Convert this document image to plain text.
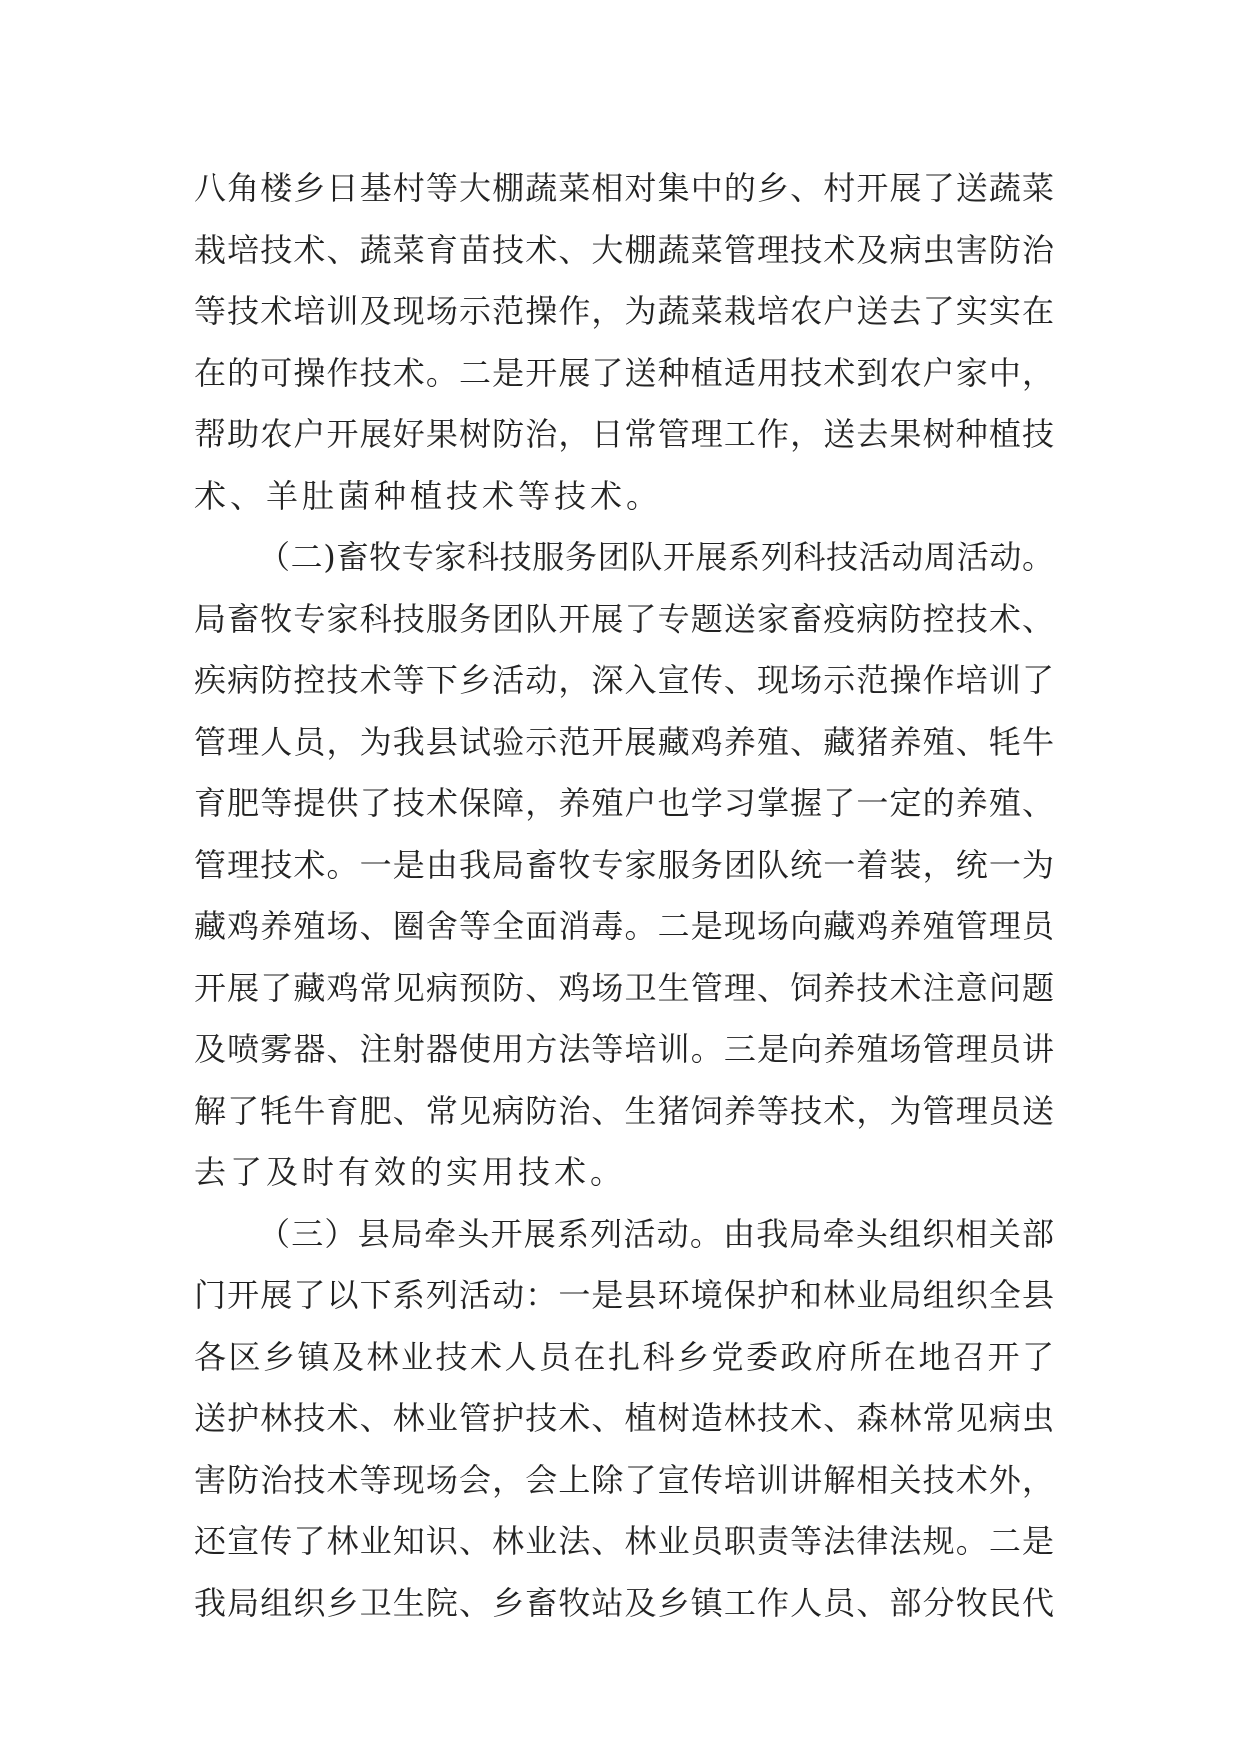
八角楼乡日基村等大棚蔬菜相对集中的乡、村开展了送蔬菜
栽培技术、蔬菜育苗技术、大棚蔬菜管理技术及病虫害防治
等技术培训及现场示范操作，为蔬菜栽培农户送去了实实在
在的可操作技术。二是开展了送种植适用技术到农户家中，
帮助农户开展好果树防治，日常管理工作，送去果树种植技
术、羊肚菌种植技术等技术。
（二)畜牧专家科技服务团队开展系列科技活动周活动。
局畜牧专家科技服务团队开展了专题送家畜疫病防控技术、
疾病防控技术等下乡活动，深入宣传、现场示范操作培训了
管理人员，为我县试验示范开展藏鸡养殖、藏猪养殖、牦牛
育肥等提供了技术保障，养殖户也学习掌握了一定的养殖、
管理技术。一是由我局畜牧专家服务团队统一着装，统一为
藏鸡养殖场、圈舍等全面消毒。二是现场向藏鸡养殖管理员
开展了藏鸡常见病预防、鸡场卫生管理、饲养技术注意问题
及喷雾器、注射器使用方法等培训。三是向养殖场管理员讲
解了牦牛育肥、常见病防治、生猪饲养等技术，为管理员送
去了及时有效的实用技术。
（三）县局牵头开展系列活动。由我局牵头组织相关部
门开展了以下系列活动：一是县环境保护和林业局组织全县
各区乡镇及林业技术人员在扎科乡党委政府所在地召开了
送护林技术、林业管护技术、植树造林技术、森林常见病虫
害防治技术等现场会，会上除了宣传培训讲解相关技术外，
还宣传了林业知识、林业法、林业员职责等法律法规。二是
我局组织乡卫生院、乡畜牧站及乡镇工作人员、部分牧民代
